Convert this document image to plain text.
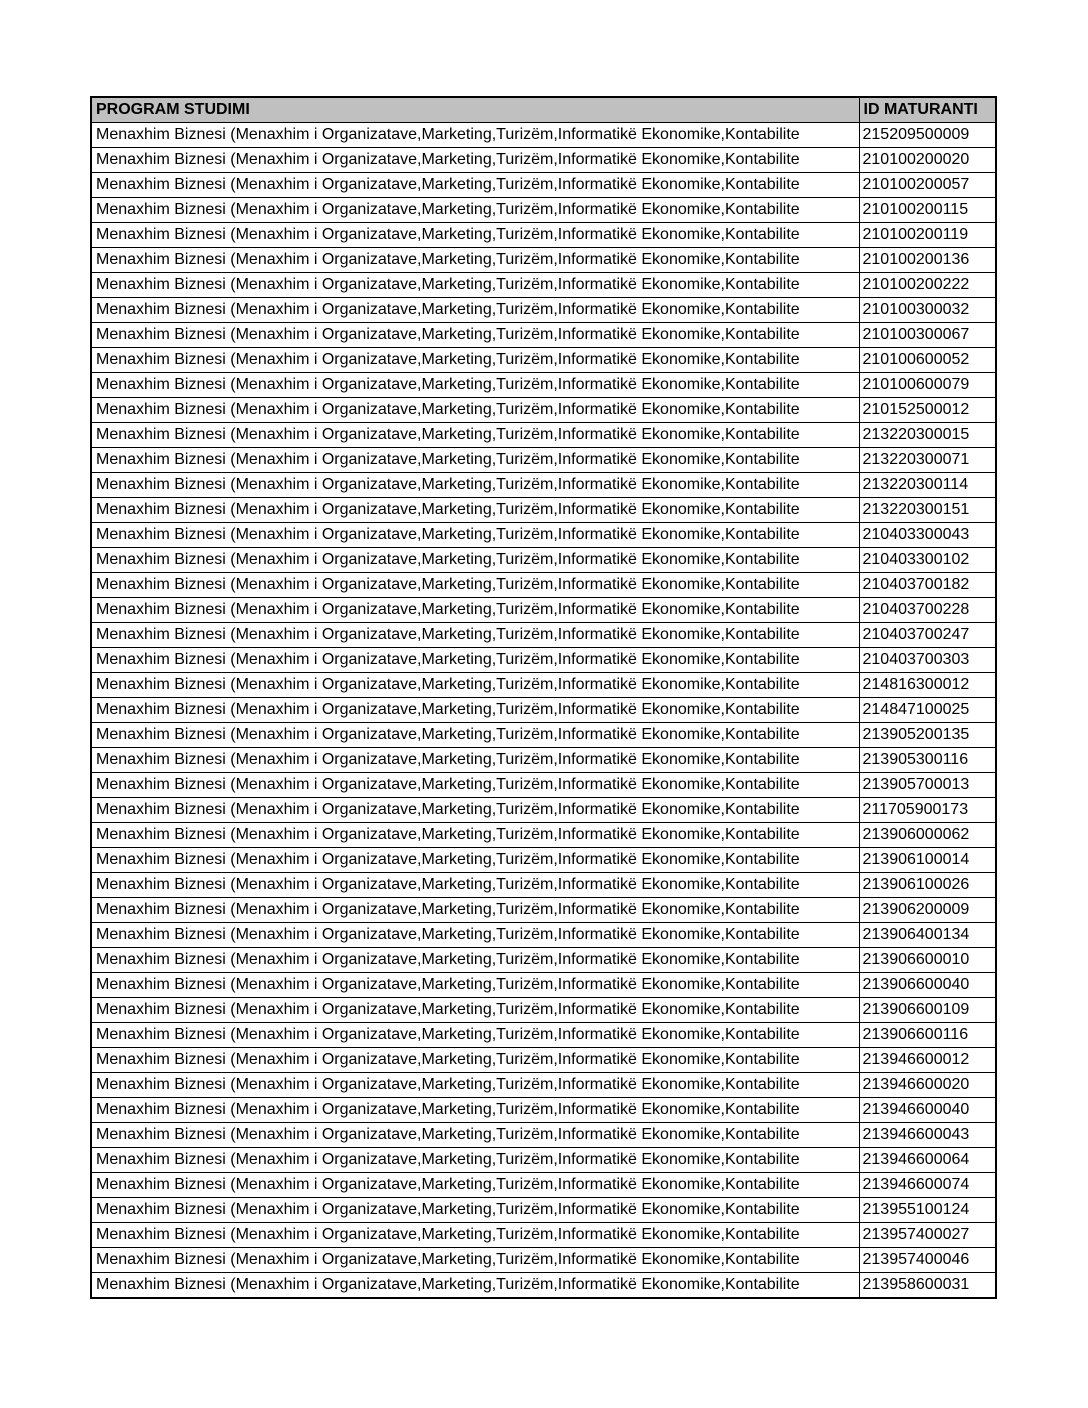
PROGRAM STUDIMI	ID MATURANTI
Menaxhim Biznesi (Menaxhim i Organizatave,Marketing,Turizëm,Informatikë Ekonomike,Kontabilite	215209500009
Menaxhim Biznesi (Menaxhim i Organizatave,Marketing,Turizëm,Informatikë Ekonomike,Kontabilite	210100200020
Menaxhim Biznesi (Menaxhim i Organizatave,Marketing,Turizëm,Informatikë Ekonomike,Kontabilite	210100200057
Menaxhim Biznesi (Menaxhim i Organizatave,Marketing,Turizëm,Informatikë Ekonomike,Kontabilite	210100200115
Menaxhim Biznesi (Menaxhim i Organizatave,Marketing,Turizëm,Informatikë Ekonomike,Kontabilite	210100200119
Menaxhim Biznesi (Menaxhim i Organizatave,Marketing,Turizëm,Informatikë Ekonomike,Kontabilite	210100200136
Menaxhim Biznesi (Menaxhim i Organizatave,Marketing,Turizëm,Informatikë Ekonomike,Kontabilite	210100200222
Menaxhim Biznesi (Menaxhim i Organizatave,Marketing,Turizëm,Informatikë Ekonomike,Kontabilite	210100300032
Menaxhim Biznesi (Menaxhim i Organizatave,Marketing,Turizëm,Informatikë Ekonomike,Kontabilite	210100300067
Menaxhim Biznesi (Menaxhim i Organizatave,Marketing,Turizëm,Informatikë Ekonomike,Kontabilite	210100600052
Menaxhim Biznesi (Menaxhim i Organizatave,Marketing,Turizëm,Informatikë Ekonomike,Kontabilite	210100600079
Menaxhim Biznesi (Menaxhim i Organizatave,Marketing,Turizëm,Informatikë Ekonomike,Kontabilite	210152500012
Menaxhim Biznesi (Menaxhim i Organizatave,Marketing,Turizëm,Informatikë Ekonomike,Kontabilite	213220300015
Menaxhim Biznesi (Menaxhim i Organizatave,Marketing,Turizëm,Informatikë Ekonomike,Kontabilite	213220300071
Menaxhim Biznesi (Menaxhim i Organizatave,Marketing,Turizëm,Informatikë Ekonomike,Kontabilite	213220300114
Menaxhim Biznesi (Menaxhim i Organizatave,Marketing,Turizëm,Informatikë Ekonomike,Kontabilite	213220300151
Menaxhim Biznesi (Menaxhim i Organizatave,Marketing,Turizëm,Informatikë Ekonomike,Kontabilite	210403300043
Menaxhim Biznesi (Menaxhim i Organizatave,Marketing,Turizëm,Informatikë Ekonomike,Kontabilite	210403300102
Menaxhim Biznesi (Menaxhim i Organizatave,Marketing,Turizëm,Informatikë Ekonomike,Kontabilite	210403700182
Menaxhim Biznesi (Menaxhim i Organizatave,Marketing,Turizëm,Informatikë Ekonomike,Kontabilite	210403700228
Menaxhim Biznesi (Menaxhim i Organizatave,Marketing,Turizëm,Informatikë Ekonomike,Kontabilite	210403700247
Menaxhim Biznesi (Menaxhim i Organizatave,Marketing,Turizëm,Informatikë Ekonomike,Kontabilite	210403700303
Menaxhim Biznesi (Menaxhim i Organizatave,Marketing,Turizëm,Informatikë Ekonomike,Kontabilite	214816300012
Menaxhim Biznesi (Menaxhim i Organizatave,Marketing,Turizëm,Informatikë Ekonomike,Kontabilite	214847100025
Menaxhim Biznesi (Menaxhim i Organizatave,Marketing,Turizëm,Informatikë Ekonomike,Kontabilite	213905200135
Menaxhim Biznesi (Menaxhim i Organizatave,Marketing,Turizëm,Informatikë Ekonomike,Kontabilite	213905300116
Menaxhim Biznesi (Menaxhim i Organizatave,Marketing,Turizëm,Informatikë Ekonomike,Kontabilite	213905700013
Menaxhim Biznesi (Menaxhim i Organizatave,Marketing,Turizëm,Informatikë Ekonomike,Kontabilite	211705900173
Menaxhim Biznesi (Menaxhim i Organizatave,Marketing,Turizëm,Informatikë Ekonomike,Kontabilite	213906000062
Menaxhim Biznesi (Menaxhim i Organizatave,Marketing,Turizëm,Informatikë Ekonomike,Kontabilite	213906100014
Menaxhim Biznesi (Menaxhim i Organizatave,Marketing,Turizëm,Informatikë Ekonomike,Kontabilite	213906100026
Menaxhim Biznesi (Menaxhim i Organizatave,Marketing,Turizëm,Informatikë Ekonomike,Kontabilite	213906200009
Menaxhim Biznesi (Menaxhim i Organizatave,Marketing,Turizëm,Informatikë Ekonomike,Kontabilite	213906400134
Menaxhim Biznesi (Menaxhim i Organizatave,Marketing,Turizëm,Informatikë Ekonomike,Kontabilite	213906600010
Menaxhim Biznesi (Menaxhim i Organizatave,Marketing,Turizëm,Informatikë Ekonomike,Kontabilite	213906600040
Menaxhim Biznesi (Menaxhim i Organizatave,Marketing,Turizëm,Informatikë Ekonomike,Kontabilite	213906600109
Menaxhim Biznesi (Menaxhim i Organizatave,Marketing,Turizëm,Informatikë Ekonomike,Kontabilite	213906600116
Menaxhim Biznesi (Menaxhim i Organizatave,Marketing,Turizëm,Informatikë Ekonomike,Kontabilite	213946600012
Menaxhim Biznesi (Menaxhim i Organizatave,Marketing,Turizëm,Informatikë Ekonomike,Kontabilite	213946600020
Menaxhim Biznesi (Menaxhim i Organizatave,Marketing,Turizëm,Informatikë Ekonomike,Kontabilite	213946600040
Menaxhim Biznesi (Menaxhim i Organizatave,Marketing,Turizëm,Informatikë Ekonomike,Kontabilite	213946600043
Menaxhim Biznesi (Menaxhim i Organizatave,Marketing,Turizëm,Informatikë Ekonomike,Kontabilite	213946600064
Menaxhim Biznesi (Menaxhim i Organizatave,Marketing,Turizëm,Informatikë Ekonomike,Kontabilite	213946600074
Menaxhim Biznesi (Menaxhim i Organizatave,Marketing,Turizëm,Informatikë Ekonomike,Kontabilite	213955100124
Menaxhim Biznesi (Menaxhim i Organizatave,Marketing,Turizëm,Informatikë Ekonomike,Kontabilite	213957400027
Menaxhim Biznesi (Menaxhim i Organizatave,Marketing,Turizëm,Informatikë Ekonomike,Kontabilite	213957400046
Menaxhim Biznesi (Menaxhim i Organizatave,Marketing,Turizëm,Informatikë Ekonomike,Kontabilite	213958600031
